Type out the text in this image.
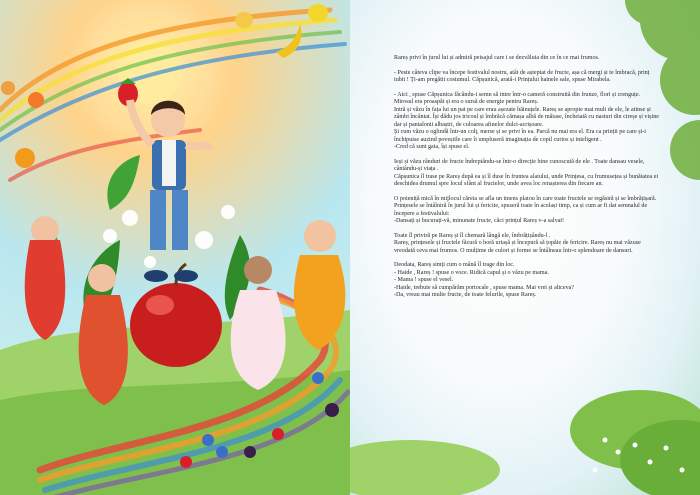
Rareș privi în jurul lui și admiră peisajul care i se dezvăluia din ce în ce mai frumos.

- Peste câteva clipe va începe festivalul nostru, atât de așteptat de fructe, așa că mergi și te îmbracă, prinț iubit ! Ți-am pregătit costumul. Căpșunică, arată-i Prințului hainele sale, spuse Mirabela.

- Aici , spuse Căpșunica făcându-i semn să intre într-o cameră construită din frunze, flori și crenguțe. Mirosul era proaspăt și era o sursă de energie pentru Rareș.
Intră și văzu în fața lui un pat pe care erau așezate hăinuțele. Rareș se apropie mai mult de ele, le atinse și zâmbi încântat. Își dădu jos tricoul și îmbrăcă cămașa albă de mătase, încheiată cu nasturi din cireșe și vișine dar și pantalonii albaștri, de culoarea afinelor dulci-acrișoare.
Și cum văzu o oglindă într-un colț, merse și se privi în ea. Parcă nu mai era el. Era ca prinții pe care și-i închipuise auzind poveștile care îi umpluseră imaginația de copil curios și inteligent .
-Cred că sunt gata, își spuse el.

Ieși și văzu rânduri de fructe îndreptându-se într-o direcție bine cunoscută de ele . Toate dansau vesele, cântându-și viața .
Căpșunica îl trase pe Rareș după ea și îl duse în fruntea alaiului, unde Prințesa, cu frumusețea și bunătatea ei deschidea drumul spre locul sfânt al fructelor, unde avea loc renașterea din fiecare an.

O poieniță mică în mijlocul căreia se afla un imens platou în care toate fructele se regăsiră și se îmbrățișară. Prințesele se întâlniră în jurul lui și fericite, spuseră toate în același timp, ca și cum ar fi dat semnalul de începere a festivalului:
-Dansați și bucurați-vă, minunate fructe, căci prințul Rareș v-a salvat!

Toate îl priviră pe Rareș și îl chemară lângă ele, îmbrățișându-l .
Rareș, prințesele și fructele făcură o horă uriașă și începură să țopăie de fericire. Rareș nu mai văzuse vreodată ceva mai frumos. O mulțime de culori și forme se întâlneau într-o splendoare de dansuri.

Deodata, Rareș simți cum o mână îl trage din loc.
- Haide , Rareș ! spuse o voce. Ridică capul și o văzu pe mama.
- Mama ! spuse el vesel.
-Haide, trebuie să cumpărăm portocale , spuse mama. Mai vrei și altceva?
-Da, vreau mai multe fructe, de toate felurile, spuse Rareș.
